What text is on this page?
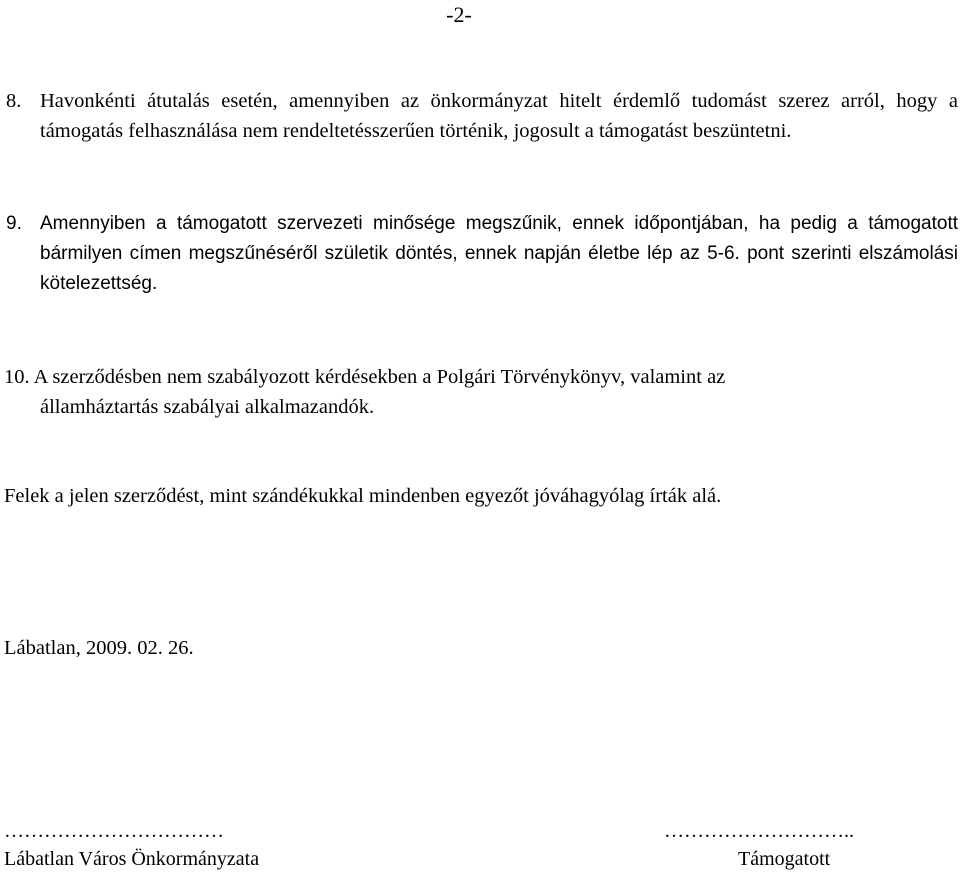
-2-
8. Havonkénti átutalás esetén, amennyiben az önkormányzat hitelt érdemlő tudomást szerez arról, hogy a támogatás felhasználása nem rendeltetésszerűen történik, jogosult a támogatást beszüntetni.
9. Amennyiben a támogatott szervezeti minősége megszűnik, ennek időpontjában, ha pedig a támogatott bármilyen címen megszűnéséről születik döntés, ennek napján életbe lép az 5-6. pont szerinti elszámolási kötelezettség.
10. A szerződésben nem szabályozott kérdésekben a Polgári Törvénykönyv, valamint az
államháztartás szabályai alkalmazandók.
Felek a jelen szerződést, mint szándékukkal mindenben egyezőt jóváhagyólag írták alá.
Lábatlan, 2009. 02. 26.
……………………………
Lábatlan Város Önkormányzata
………………………..
Támogatott
